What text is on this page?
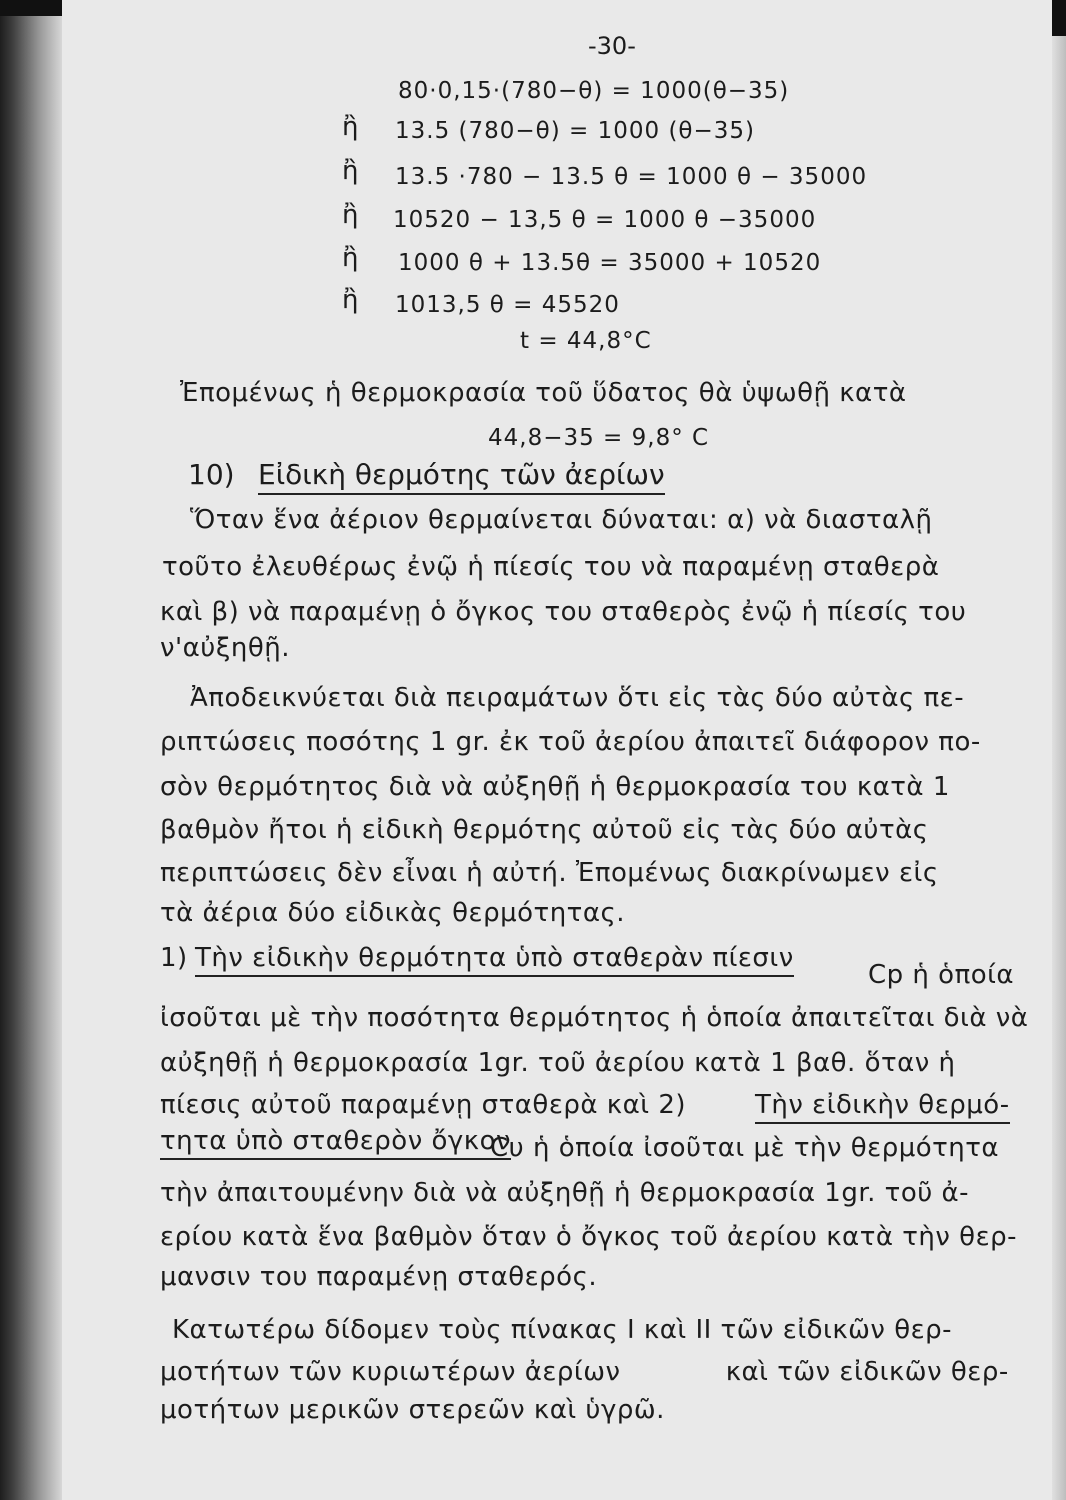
-30-
80·0,15·(780−θ) = 1000(θ−35)
ἢ 13.5 (780−θ) = 1000 (θ−35)
ἢ 13.5 ·780 − 13.5 θ = 1000 θ − 35000
ἢ 10520 − 13,5 θ = 1000 θ −35000
ἢ 1000 θ + 13.5θ = 35000 + 10520
ἢ 1013,5 θ = 45520
t = 44,8°C
Ἐπομένως ἡ θερμοκρασία τοῦ ὕδατος θὰ ὑψωθῇ κατὰ
44,8−35 = 9,8° C
10) Εἰδικὴ θερμότης τῶν ἀερίων
Ὅταν ἕνα ἀέριον θερμαίνεται δύναται: α) νὰ διασταλῇ
τοῦτο ἐλευθέρως ἐνῷ ἡ πίεσίς του νὰ παραμένῃ σταθερὰ
καὶ β) νὰ παραμένῃ ὁ ὄγκος του σταθερὸς ἐνῷ ἡ πίεσίς του
ν'αὐξηθῇ.
Ἀποδεικνύεται διὰ πειραμάτων ὅτι εἰς τὰς δύο αὐτὰς πε-
ριπτώσεις ποσότης 1 gr. ἐκ τοῦ ἀερίου ἀπαιτεῖ διάφορον πο-
σὸν θερμότητος διὰ νὰ αὐξηθῇ ἡ θερμοκρασία του κατὰ 1
βαθμὸν ἤτοι ἡ εἰδικὴ θερμότης αὐτοῦ εἰς τὰς δύο αὐτὰς
περιπτώσεις δὲν εἶναι ἡ αὐτή. Ἐπομένως διακρίνωμεν εἰς
τὰ ἀέρια δύο εἰδικὰς θερμότητας.
1) Τὴν εἰδικὴν θερμότητα ὑπὸ σταθερὰν πίεσιν
Cp ἡ ὁποία
ἰσοῦται μὲ τὴν ποσότητα θερμότητος ἡ ὁποία ἀπαιτεῖται διὰ νὰ
αὐξηθῇ ἡ θερμοκρασία 1gr. τοῦ ἀερίου κατὰ 1 βαθ. ὅταν ἡ
πίεσις αὐτοῦ παραμένῃ σταθερὰ καὶ 2)	Τὴν εἰδικὴν θερμό-
τητα ὑπὸ σταθερὸν ὄγκον
Cυ ἡ ὁποία ἰσοῦται μὲ τὴν θερμότητα
τὴν ἀπαιτουμένην διὰ νὰ αὐξηθῇ ἡ θερμοκρασία 1gr. τοῦ ἀ-
ερίου κατὰ ἕνα βαθμὸν ὅταν ὁ ὄγκος τοῦ ἀερίου κατὰ τὴν θερ-
μανσιν του παραμένῃ σταθερός.
Κατωτέρω δίδομεν τοὺς πίνακας Ι καὶ ΙΙ τῶν εἰδικῶν θερ-
μοτήτων τῶν κυριωτέρων ἀερίων            καὶ τῶν εἰδικῶν θερ-
μοτήτων μερικῶν στερεῶν καὶ ὑγρῶ.
